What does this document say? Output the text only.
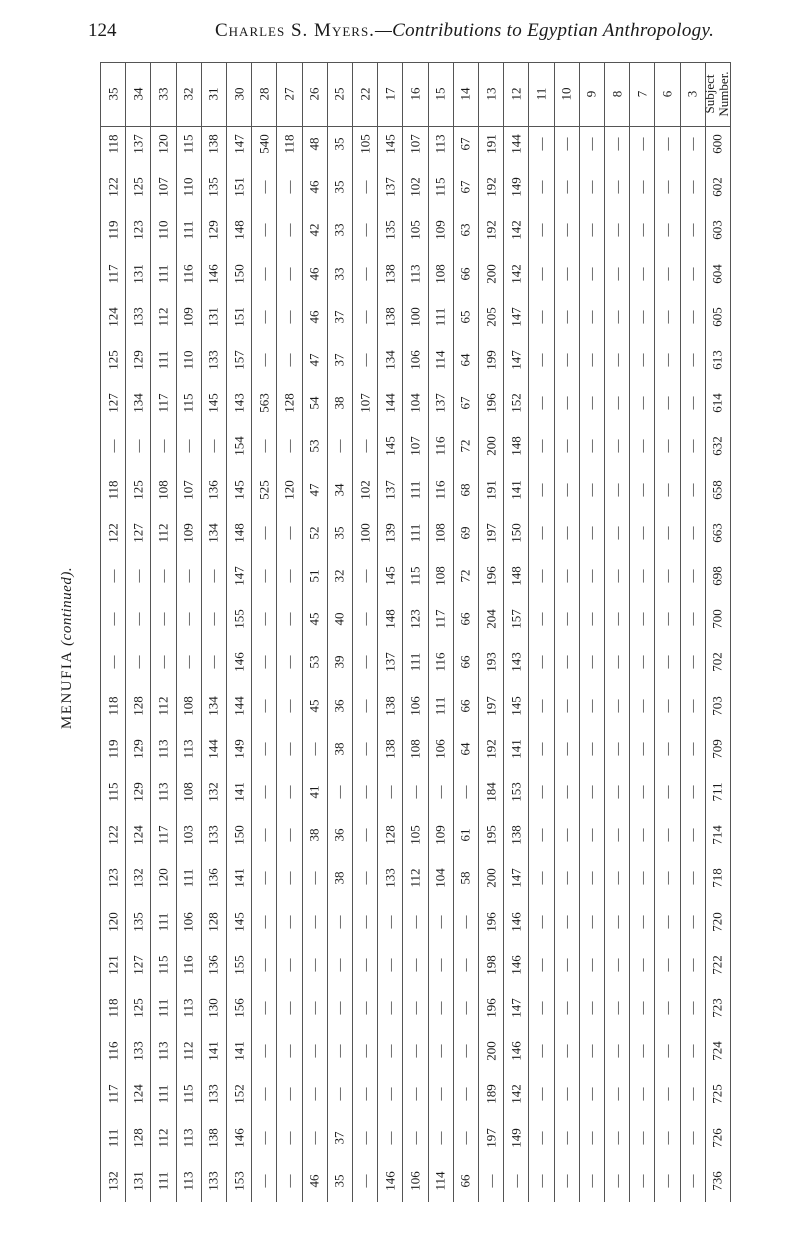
124	Charles S. Myers.—Contributions to Egyptian Anthropology.
MENUFIA (continued).
35
118
122
119
117
124
125
127
—
118
122
—
—
—
118
119
115
122
123
120
121
118
116
117
111
132
34
137
125
123
131
133
129
134
—
125
127
—
—
—
128
129
129
124
132
135
127
125
133
124
128
131
33
120
107
110
111
112
111
117
—
108
112
—
—
—
112
113
113
117
120
111
115
111
113
111
112
111
32
115
110
111
116
109
110
115
—
107
109
—
—
—
108
113
108
103
111
106
116
113
112
115
113
113
31
138
135
129
146
131
133
145
—
136
134
—
—
—
134
144
132
133
136
128
136
130
141
133
138
133
30
147
151
148
150
151
157
143
154
145
148
147
155
146
144
149
141
150
141
145
155
156
141
152
146
153
28
540
—
—
—
—
—
563
—
525
—
—
—
—
—
—
—
—
—
—
—
—
—
—
—
—
27
118
—
—
—
—
—
128
—
120
—
—
—
—
—
—
—
—
—
—
—
—
—
—
—
—
26
48
46
42
46
46
47
54
53
47
52
51
45
53
45
—
41
38
—
—
—
—
—
—
—
46
25
35
35
33
33
37
37
38
—
34
35
32
40
39
36
38
—
36
38
—
—
—
—
—
37
35
22
105
—
—
—
—
—
107
—
102
100
—
—
—
—
—
—
—
—
—
—
—
—
—
—
—
17
145
137
135
138
138
134
144
145
137
139
145
148
137
138
138
—
128
133
—
—
—
—
—
—
146
16
107
102
105
113
100
106
104
107
111
111
115
123
111
106
108
—
105
112
—
—
—
—
—
—
106
15
113
115
109
108
111
114
137
116
116
108
108
117
116
111
106
—
109
104
—
—
—
—
—
—
114
14
67
67
63
66
65
64
67
72
68
69
72
66
66
66
64
—
61
58
—
—
—
—
—
—
66
13
191
192
192
200
205
199
196
200
191
197
196
204
193
197
192
184
195
200
196
198
196
200
189
197
—
12
144
149
142
142
147
147
152
148
141
150
148
157
143
145
141
153
138
147
146
146
147
146
142
149
—
11
—
—
—
—
—
—
—
—
—
—
—
—
—
—
—
—
—
—
—
—
—
—
—
—
—
10
—
—
—
—
—
—
—
—
—
—
—
—
—
—
—
—
—
—
—
—
—
—
—
—
—
9
—
—
—
—
—
—
—
—
—
—
—
—
—
—
—
—
—
—
—
—
—
—
—
—
—
8
—
—
—
—
—
—
—
—
—
—
—
—
—
—
—
—
—
—
—
—
—
—
—
—
—
7
—
—
—
—
—
—
—
—
—
—
—
—
—
—
—
—
—
—
—
—
—
—
—
—
—
6
—
—
—
—
—
—
—
—
—
—
—
—
—
—
—
—
—
—
—
—
—
—
—
—
—
3
—
—
—
—
—
—
—
—
—
—
—
—
—
—
—
—
—
—
—
—
—
—
—
—
—
Subject Number.
600
602
603
604
605
613
614
632
658
663
698
700
702
703
709
711
714
718
720
722
723
724
725
726
736
